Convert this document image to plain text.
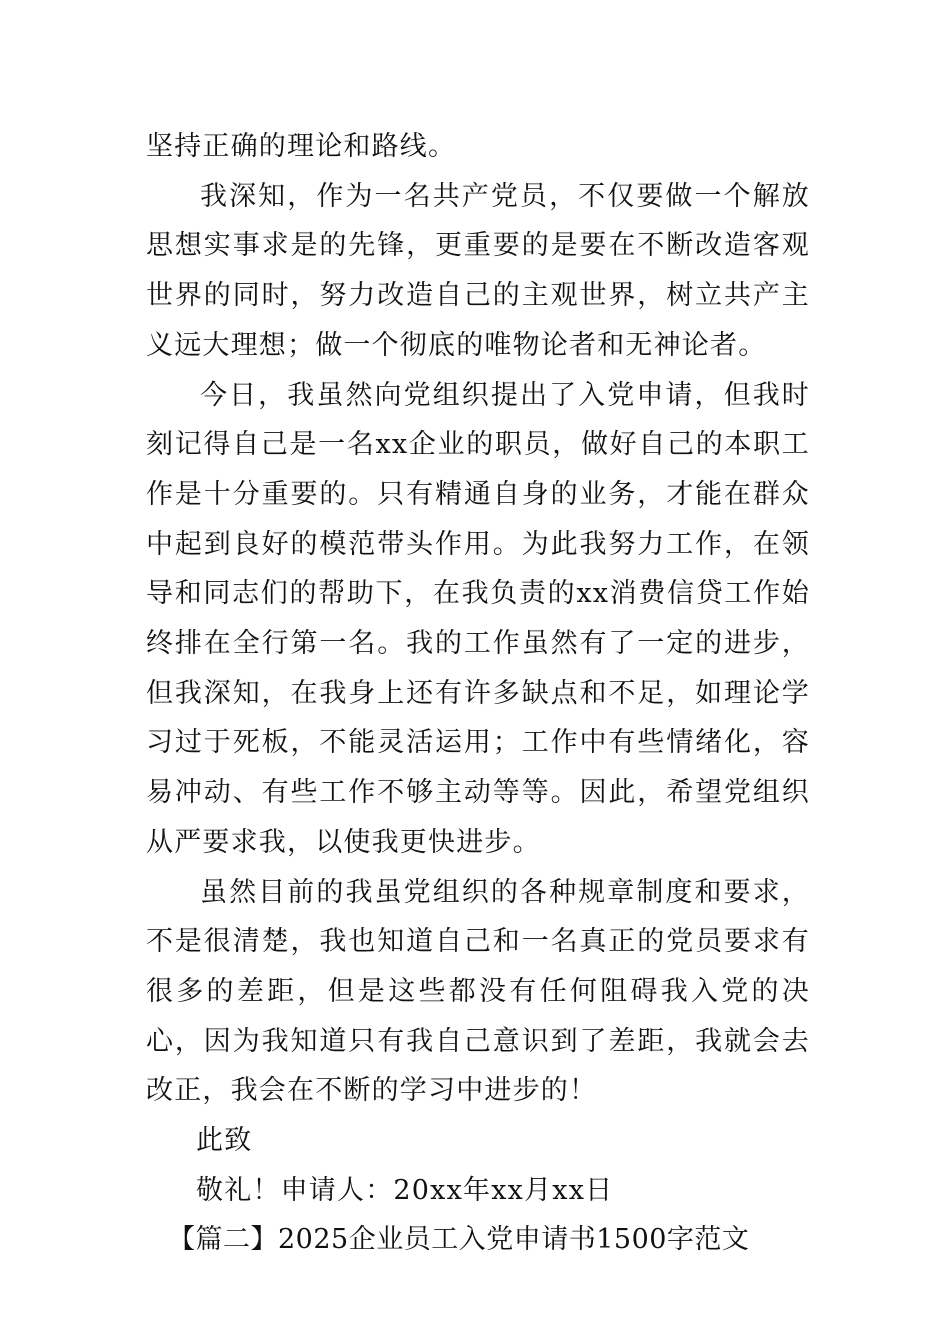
坚持正确的理论和路线。

我深知，作为一名共产党员，不仅要做一个解放思想实事求是的先锋，更重要的是要在不断改造客观世界的同时，努力改造自己的主观世界，树立共产主义远大理想；做一个彻底的唯物论者和无神论者。

今日，我虽然向党组织提出了入党申请，但我时刻记得自己是一名xx企业的职员，做好自己的本职工作是十分重要的。只有精通自身的业务，才能在群众中起到良好的模范带头作用。为此我努力工作，在领导和同志们的帮助下，在我负责的xx消费信贷工作始终排在全行第一名。我的工作虽然有了一定的进步，但我深知，在我身上还有许多缺点和不足，如理论学习过于死板，不能灵活运用；工作中有些情绪化，容易冲动、有些工作不够主动等等。因此，希望党组织从严要求我，以使我更快进步。

虽然目前的我虽党组织的各种规章制度和要求，不是很清楚，我也知道自己和一名真正的党员要求有很多的差距，但是这些都没有任何阻碍我入党的决心，因为我知道只有我自己意识到了差距，我就会去改正，我会在不断的学习中进步的！

此致

敬礼！申请人：20xx年xx月xx日

【篇二】2025企业员工入党申请书1500字范文
